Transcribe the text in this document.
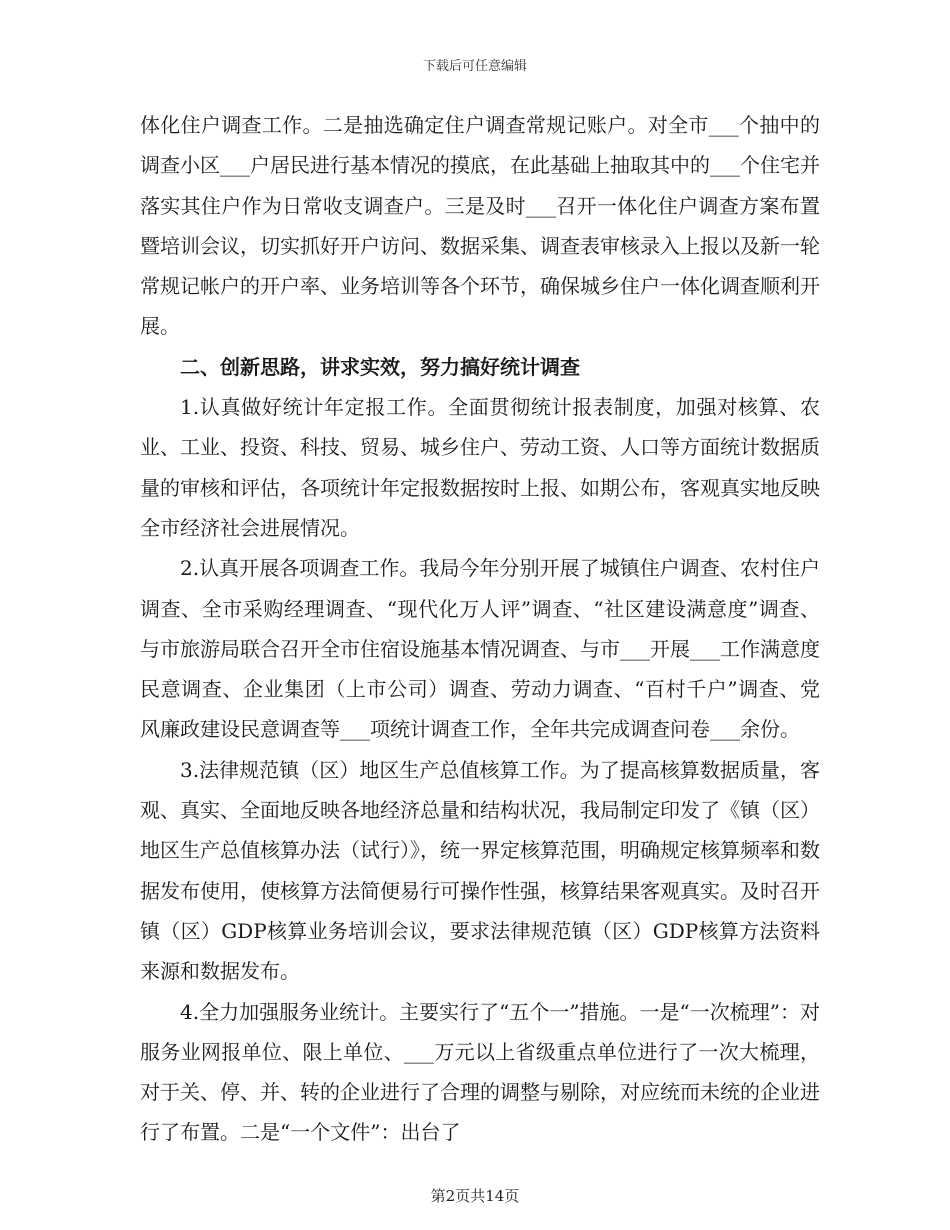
下载后可任意编辑

体化住户调查工作。二是抽选确定住户调查常规记账户。对全市___个抽中的调查小区___户居民进行基本情况的摸底，在此基础上抽取其中的___个住宅并落实其住户作为日常收支调查户。三是及时___召开一体化住户调查方案布置暨培训会议，切实抓好开户访问、数据采集、调查表审核录入上报以及新一轮常规记帐户的开户率、业务培训等各个环节，确保城乡住户一体化调查顺利开展。

二、创新思路，讲求实效，努力搞好统计调查

1.认真做好统计年定报工作。全面贯彻统计报表制度，加强对核算、农业、工业、投资、科技、贸易、城乡住户、劳动工资、人口等方面统计数据质量的审核和评估，各项统计年定报数据按时上报、如期公布，客观真实地反映全市经济社会进展情况。

2.认真开展各项调查工作。我局今年分别开展了城镇住户调查、农村住户调查、全市采购经理调查、“现代化万人评”调查、“社区建设满意度”调查、与市旅游局联合召开全市住宿设施基本情况调查、与市___开展___工作满意度民意调查、企业集团（上市公司）调查、劳动力调查、“百村千户”调查、党风廉政建设民意调查等___项统计调查工作，全年共完成调查问卷___余份。

3.法律规范镇（区）地区生产总值核算工作。为了提高核算数据质量，客观、真实、全面地反映各地经济总量和结构状况，我局制定印发了《镇（区）地区生产总值核算办法（试行）》，统一界定核算范围，明确规定核算频率和数据发布使用，使核算方法简便易行可操作性强，核算结果客观真实。及时召开镇（区）GDP核算业务培训会议，要求法律规范镇（区）GDP核算方法资料来源和数据发布。

4.全力加强服务业统计。主要实行了“五个一”措施。一是“一次梳理”：对服务业网报单位、限上单位、___万元以上省级重点单位进行了一次大梳理，对于关、停、并、转的企业进行了合理的调整与剔除，对应统而未统的企业进行了布置。二是“一个文件”：出台了

第2页共14页
